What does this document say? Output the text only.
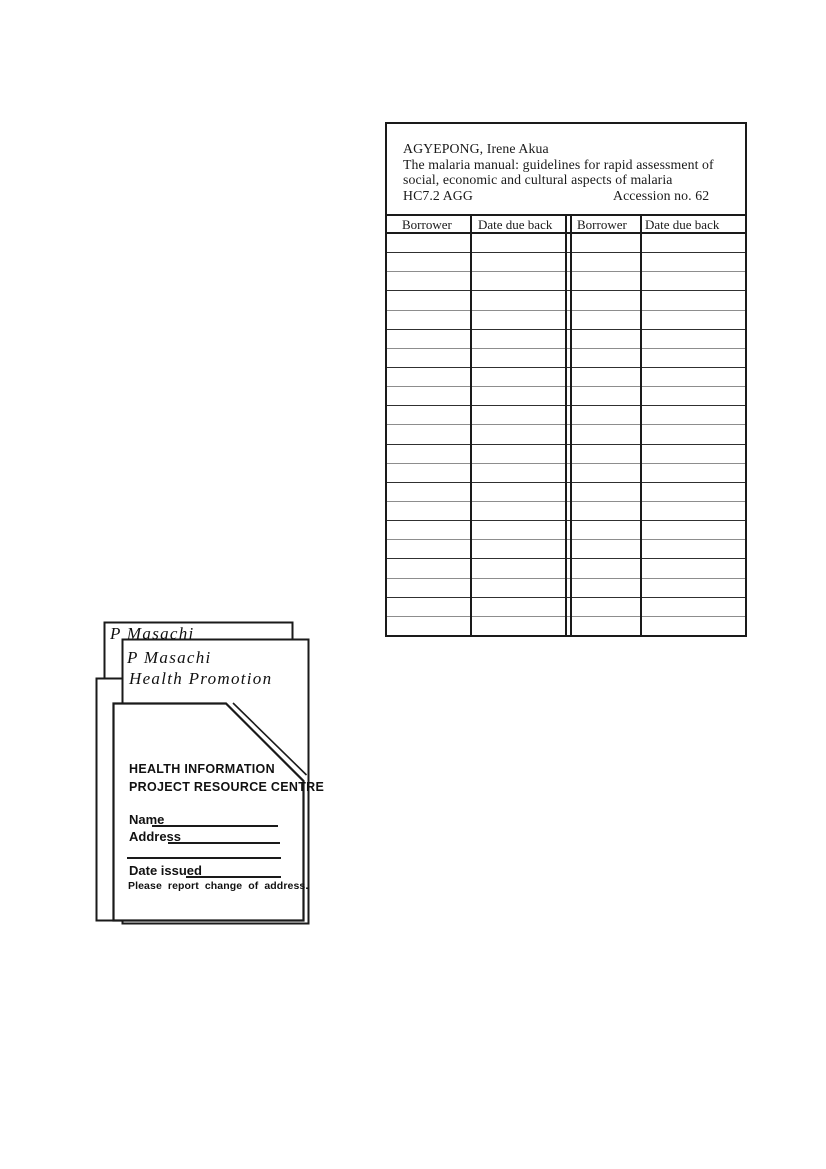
AGYEPONG, Irene Akua
The malaria manual: guidelines for rapid assessment of
social, economic and cultural aspects of malaria
HC7.2 AGG	Accession no. 62
Borrower Date due back Borrower Date due back
P Masachi
P Masachi
Health Promotion
HEALTH INFORMATION
PROJECT RESOURCE CENTRE
Name
Address
Date issued
Please report change of address.
